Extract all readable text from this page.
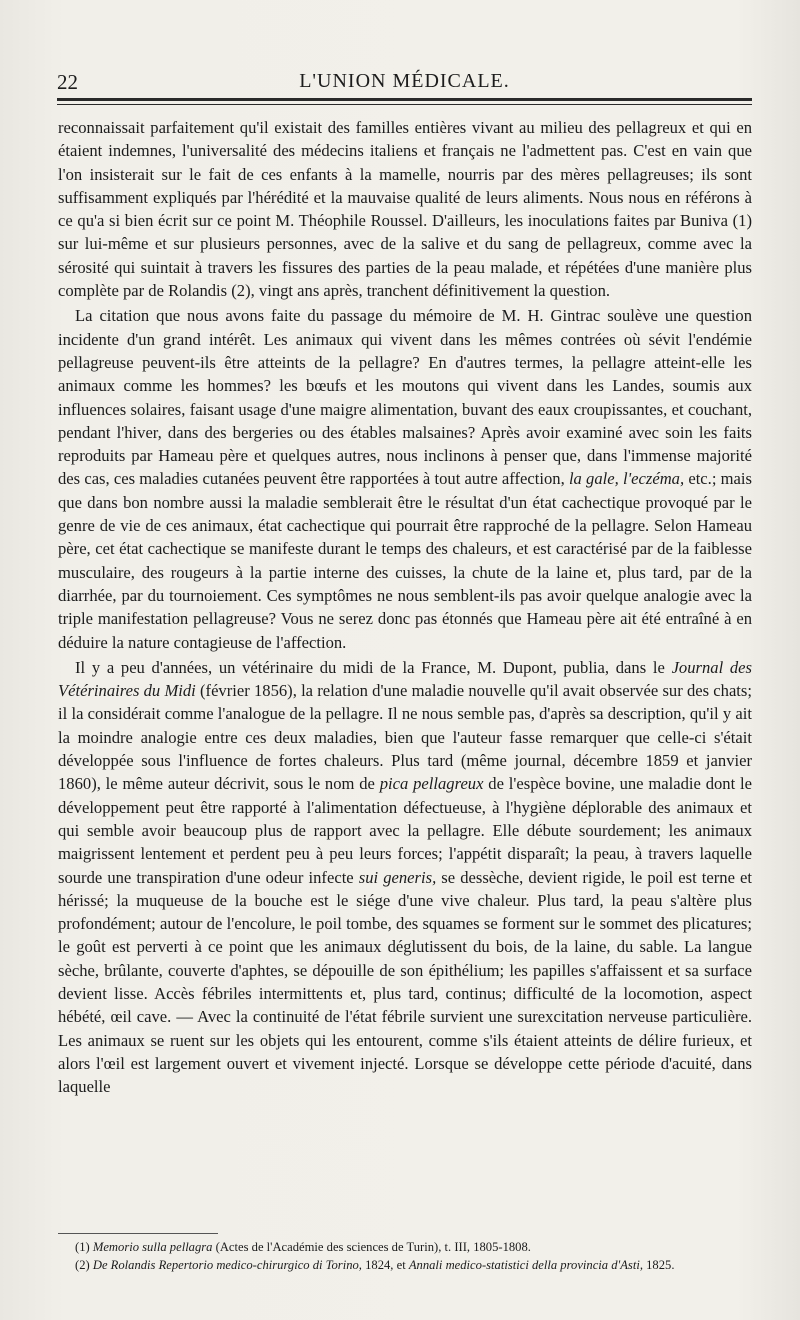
22	L'UNION MÉDICALE.

reconnaissait parfaitement qu'il existait des familles entières vivant au milieu des pellagreux et qui en étaient indemnes, l'universalité des médecins italiens et français ne l'admettent pas. C'est en vain que l'on insisterait sur le fait de ces enfants à la mamelle, nourris par des mères pellagreuses; ils sont suffisamment expliqués par l'hérédité et la mauvaise qualité de leurs aliments. Nous nous en référons à ce qu'a si bien écrit sur ce point M. Théophile Roussel. D'ailleurs, les inoculations faites par Buniva (1) sur lui-même et sur plusieurs personnes, avec de la salive et du sang de pellagreux, comme avec la sérosité qui suintait à travers les fissures des parties de la peau malade, et répétées d'une manière plus complète par de Rolandis (2), vingt ans après, tranchent définitivement la question.

La citation que nous avons faite du passage du mémoire de M. H. Gintrac soulève une question incidente d'un grand intérêt. Les animaux qui vivent dans les mêmes contrées où sévit l'endémie pellagreuse peuvent-ils être atteints de la pellagre? En d'autres termes, la pellagre atteint-elle les animaux comme les hommes? les bœufs et les moutons qui vivent dans les Landes, soumis aux influences solaires, faisant usage d'une maigre alimentation, buvant des eaux croupissantes, et couchant, pendant l'hiver, dans des bergeries ou des étables malsaines? Après avoir examiné avec soin les faits reproduits par Hameau père et quelques autres, nous inclinons à penser que, dans l'immense majorité des cas, ces maladies cutanées peuvent être rapportées à tout autre affection, la gale, l'eczéma, etc.; mais que dans bon nombre aussi la maladie semblerait être le résultat d'un état cachectique provoqué par le genre de vie de ces animaux, état cachectique qui pourrait être rapproché de la pellagre. Selon Hameau père, cet état cachectique se manifeste durant le temps des chaleurs, et est caractérisé par de la faiblesse musculaire, des rougeurs à la partie interne des cuisses, la chute de la laine et, plus tard, par de la diarrhée, par du tournoiement. Ces symptômes ne nous semblent-ils pas avoir quelque analogie avec la triple manifestation pellagreuse? Vous ne serez donc pas étonnés que Hameau père ait été entraîné à en déduire la nature contagieuse de l'affection.

Il y a peu d'années, un vétérinaire du midi de la France, M. Dupont, publia, dans le Journal des Vétérinaires du Midi (février 1856), la relation d'une maladie nouvelle qu'il avait observée sur des chats; il la considérait comme l'analogue de la pellagre. Il ne nous semble pas, d'après sa description, qu'il y ait la moindre analogie entre ces deux maladies, bien que l'auteur fasse remarquer que celle-ci s'était développée sous l'influence de fortes chaleurs. Plus tard (même journal, décembre 1859 et janvier 1860), le même auteur décrivit, sous le nom de pica pellagreux de l'espèce bovine, une maladie dont le développement peut être rapporté à l'alimentation défectueuse, à l'hygiène déplorable des animaux et qui semble avoir beaucoup plus de rapport avec la pellagre. Elle débute sourdement; les animaux maigrissent lentement et perdent peu à peu leurs forces; l'appétit disparaît; la peau, à travers laquelle sourde une transpiration d'une odeur infecte sui generis, se dessèche, devient rigide, le poil est terne et hérissé; la muqueuse de la bouche est le siége d'une vive chaleur. Plus tard, la peau s'altère plus profondément; autour de l'encolure, le poil tombe, des squames se forment sur le sommet des plicatures; le goût est perverti à ce point que les animaux déglutissent du bois, de la laine, du sable. La langue sèche, brûlante, couverte d'aphtes, se dépouille de son épithélium; les papilles s'affaissent et sa surface devient lisse. Accès fébriles intermittents et, plus tard, continus; difficulté de la locomotion, aspect hébété, œil cave. — Avec la continuité de l'état fébrile survient une surexcitation nerveuse particulière. Les animaux se ruent sur les objets qui les entourent, comme s'ils étaient atteints de délire furieux, et alors l'œil est largement ouvert et vivement injecté. Lorsque se développe cette période d'acuité, dans laquelle

(1) Memorio sulla pellagra (Actes de l'Académie des sciences de Turin), t. III, 1805-1808.

(2) De Rolandis Repertorio medico-chirurgico di Torino, 1824, et Annali medico-statistici della provincia d'Asti, 1825.
